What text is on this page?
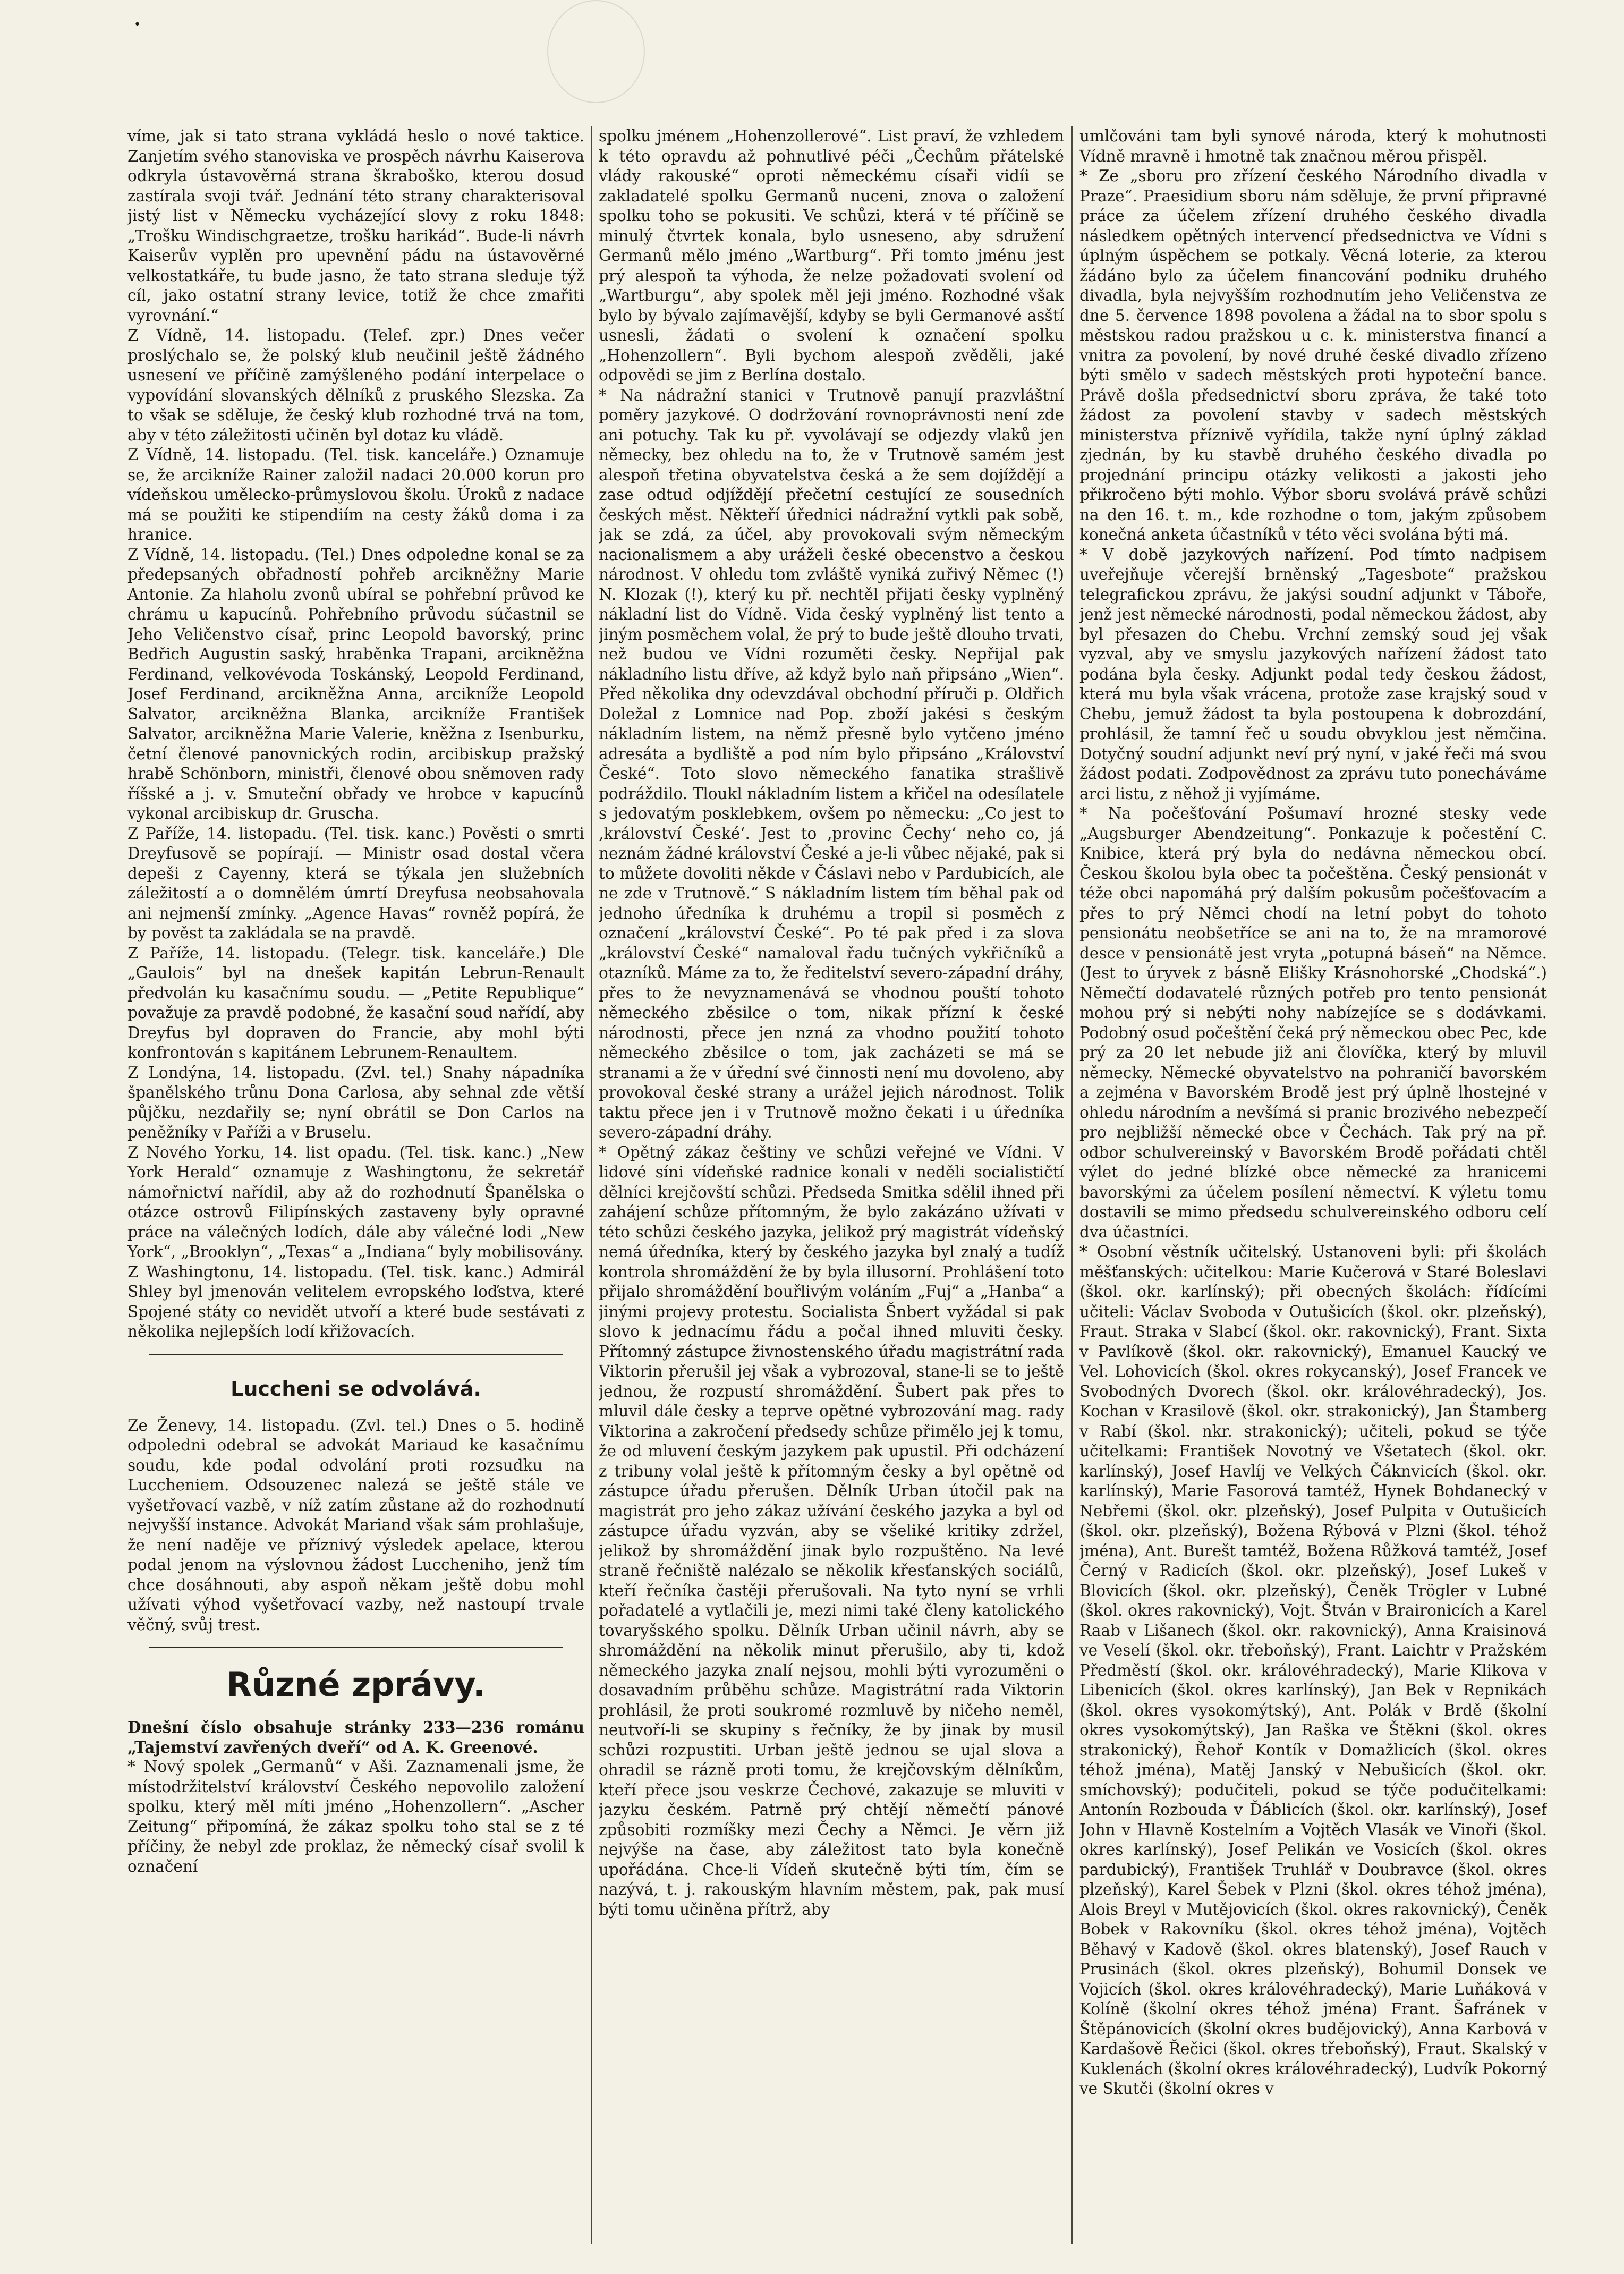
•

víme, jak si tato strana vykládá heslo o nové taktice. Zanjetím svého stanoviska ve prospěch návrhu Kaiserova odkryla ústavověrná strana škraboško, kterou dosud zastírala svoji tvář. Jednání této strany charakterisoval jistý list v Německu vycházející slovy z roku 1848: „Trošku Windischgraetze, trošku harikád“. Bude-li návrh Kaiserův vyplěn pro upevnění pádu na ústavověrné velkostatkáře, tu bude jasno, že tato strana sleduje týž cíl, jako ostatní strany levice, totiž že chce zmařiti vyrovnání.“

Z Vídně, 14. listopadu. (Telef. zpr.) Dnes večer proslýchalo se, že polský klub neučinil ještě žádného usnesení ve příčině zamýšleného podání interpelace o vypovídání slovanských dělníků z pruského Slezska. Za to však se sděluje, že český klub rozhodné trvá na tom, aby v této záležitosti učiněn byl dotaz ku vládě.

Z Vídně, 14. listopadu. (Tel. tisk. kanceláře.) Oznamuje se, že arcikníže Rainer založil nadaci 20.000 korun pro vídeňskou umělecko-průmyslovou školu. Úroků z nadace má se použiti ke stipendiím na cesty žáků doma i za hranice.

Z Vídně, 14. listopadu. (Tel.) Dnes odpoledne konal se za předepsaných obřadností pohřeb arcikněžny Marie Antonie. Za hlaholu zvonů ubíral se pohřební průvod ke chrámu u kapucínů. Pohřebního průvodu súčastnil se Jeho Veličenstvo císař, princ Leopold bavorský, princ Bedřich Augustin saský, hraběnka Trapani, arcikněžna Ferdinand, velkovévoda Toskánský, Leopold Ferdinand, Josef Ferdinand, arcikněžna Anna, arcikníže Leopold Salvator, arcikněžna Blanka, arcikníže František Salvator, arcikněžna Marie Valerie, kněžna z Isenburku, četní členové panovnických rodin, arcibiskup pražský hrabě Schönborn, ministři, členové obou sněmoven rady říšské a j. v. Smuteční obřady ve hrobce v kapucínů vykonal arcibiskup dr. Gruscha.

Z Paříže, 14. listopadu. (Tel. tisk. kanc.) Pověsti o smrti Dreyfusově se popírají. — Ministr osad dostal včera depeši z Cayenny, která se týkala jen služebních záležitostí a o domnělém úmrtí Dreyfusa neobsahovala ani nejmenší zmínky. „Agence Havas“ rovněž popírá, že by pověst ta zakládala se na pravdě.

Z Paříže, 14. listopadu. (Telegr. tisk. kanceláře.) Dle „Gaulois“ byl na dnešek kapitán Lebrun-Renault předvolán ku kasačnímu soudu. — „Petite Republique“ považuje za pravdě podobné, že kasační soud nařídí, aby Dreyfus byl dopraven do Francie, aby mohl býti konfrontován s kapitánem Lebrunem-Renaultem.

Z Londýna, 14. listopadu. (Zvl. tel.) Snahy nápadníka španělského trůnu Dona Carlosa, aby sehnal zde větší půjčku, nezdařily se; nyní obrátil se Don Carlos na peněžníky v Paříži a v Bruselu.

Z Nového Yorku, 14. list opadu. (Tel. tisk. kanc.) „New York Herald“ oznamuje z Washingtonu, že sekretář námořnictví nařídil, aby až do rozhodnutí Španělska o otázce ostrovů Filipínských zastaveny byly opravné práce na válečných lodích, dále aby válečné lodi „New York“, „Brooklyn“, „Texas“ a „Indiana“ byly mobilisovány.

Z Washingtonu, 14. listopadu. (Tel. tisk. kanc.) Admirál Shley byl jmenován velitelem evropského loďstva, které Spojené státy co nevidět utvoří a které bude sestávati z několika nejlepších lodí křižovacích.

Luccheni se odvolává.

Ze Ženevy, 14. listopadu. (Zvl. tel.) Dnes o 5. hodině odpoledni odebral se advokát Mariaud ke kasačnímu soudu, kde podal odvolání proti rozsudku na Luccheniem. Odsouzenec nalezá se ještě stále ve vyšetřovací vazbě, v níž zatím zůstane až do rozhodnutí nejvyšší instance. Advokát Mariand však sám prohlašuje, že není naděje ve příznivý výsledek apelace, kterou podal jenom na výslovnou žádost Luccheniho, jenž tím chce dosáhnouti, aby aspoň někam ještě dobu mohl užívati výhod vyšetřovací vazby, než nastoupí trvale věčný, svůj trest.

Různé zprávy.

Dnešní číslo obsahuje stránky 233—236 románu „Tajemství zavřených dveří“ od A. K. Greenové.

* Nový spolek „Germanů“ v Aši. Zaznamenali jsme, že místodržitelství království Českého nepovolilo založení spolku, který měl míti jméno „Hohenzollern“. „Ascher Zeitung“ připomíná, že zákaz spolku toho stal se z té příčiny, že nebyl zde proklaz, že německý císař svolil k označení

spolku jménem „Hohenzollerové“. List praví, že vzhledem k této opravdu až pohnutlivé péči „Čechům přátelské vlády rakouské“ oproti německému císaři vidíi se zakladatelé spolku Germanů nuceni, znova o založení spolku toho se pokusiti. Ve schůzi, která v té příčině se minulý čtvrtek konala, bylo usneseno, aby sdružení Germanů mělo jméno „Wartburg“. Při tomto jménu jest prý alespoň ta výhoda, že nelze požadovati svolení od „Wartburgu“, aby spolek měl jeji jméno. Rozhodné však bylo by bývalo zajímavější, kdyby se byli Germanové asští usnesli, žádati o svolení k označení spolku „Hohenzollern“. Byli bychom alespoň zvěděli, jaké odpovědi se jim z Berlína dostalo.

* Na nádražní stanici v Trutnově panují prazvláštní poměry jazykové. O dodržování rovnoprávnosti není zde ani potuchy. Tak ku př. vyvolávají se odjezdy vlaků jen německy, bez ohledu na to, že v Trutnově samém jest alespoň třetina obyvatelstva česká a že sem dojíždějí a zase odtud odjíždějí přečetní cestující ze sousedních českých měst. Někteří úřednici nádražní vytkli pak sobě, jak se zdá, za účel, aby provokovali svým německým nacionalismem a aby uráželi české obecenstvo a českou národnost. V ohledu tom zvláště vyniká zuřivý Němec (!) N. Klozak (!), který ku př. nechtěl přijati česky vyplněný nákladní list do Vídně. Vida český vyplněný list tento a jiným posměchem volal, že prý to bude ještě dlouho trvati, než budou ve Vídni rozuměti česky. Nepřijal pak nákladního listu dříve, až když bylo naň připsáno „Wien“. Před několika dny odevzdával obchodní příruči p. Oldřich Doležal z Lomnice nad Pop. zboží jakési s českým nákladním listem, na němž přesně bylo vytčeno jméno adresáta a bydliště a pod ním bylo připsáno „Království České“. Toto slovo německého fanatika strašlivě podráždilo. Tloukl nákladním listem a křičel na odesílatele s jedovatým posklebkem, ovšem po německu: „Co jest to ‚království České‘. Jest to ‚provinc Čechy‘ neho co, já neznám žádné království České a je-li vůbec nějaké, pak si to můžete dovoliti někde v Čáslavi nebo v Pardubicích, ale ne zde v Trutnově.“ S nákladním listem tím běhal pak od jednoho úředníka k druhému a tropil si posměch z označení „království České“. Po té pak před i za slova „království České“ namaloval řadu tučných vykřičníků a otazníků. Máme za to, že ředitelství severo-západní dráhy, přes to že nevyznamenává se vhodnou pouští tohoto německého zběsilce o tom, nikak přízní k české národnosti, přece jen nzná za vhodno použití tohoto německého zběsilce o tom, jak zacházeti se má se stranami a že v úřední své činnosti není mu dovoleno, aby provokoval české strany a urážel jejich národnost. Tolik taktu přece jen i v Trutnově možno čekati i u úředníka severo-západní dráhy.

* Opětný zákaz češtiny ve schůzi veřejné ve Vídni. V lidové síni vídeňské radnice konali v neděli socialističtí dělníci krejčovští schůzi. Předseda Smitka sdělil ihned při zahájení schůze přítomným, že bylo zakázáno užívati v této schůzi českého jazyka, jelikož prý magistrát vídeňský nemá úředníka, který by českého jazyka byl znalý a tudíž kontrola shromáždění že by byla illusorní. Prohlášení toto přijalo shromáždění bouřlivým voláním „Fuj“ a „Hanba“ a jinými projevy protestu. Socialista Šnbert vyžádal si pak slovo k jednacímu řádu a počal ihned mluviti česky. Přítomný zástupce živnostenského úřadu magistrátní rada Viktorin přerušil jej však a vybrozoval, stane-li se to ještě jednou, že rozpustí shromáždění. Šubert pak přes to mluvil dále česky a teprve opětné vybrozování mag. rady Viktorina a zakročení předsedy schůze přimělo jej k tomu, že od mluvení českým jazykem pak upustil. Při odcházení z tribuny volal ještě k přítomným česky a byl opětně od zástupce úřadu přerušen. Dělník Urban útočil pak na magistrát pro jeho zákaz užívání českého jazyka a byl od zástupce úřadu vyzván, aby se všeliké kritiky zdržel, jelikož by shromáždění jinak bylo rozpuštěno. Na levé straně řečniště nalézalo se několik křesťanských sociálů, kteří řečníka častěji přerušovali. Na tyto nyní se vrhli pořadatelé a vytlačili je, mezi nimi také členy katolického tovaryšského spolku. Dělník Urban učinil návrh, aby se shromáždění na několik minut přerušilo, aby ti, kdož německého jazyka znalí nejsou, mohli býti vyrozuměni o dosavadním průběhu schůze. Magistrátní rada Viktorin prohlásil, že proti soukromé rozmluvě by ničeho neměl, neutvoří-li se skupiny s řečníky, že by jinak by musil schůzi rozpustiti. Urban ještě jednou se ujal slova a ohradil se rázně proti tomu, že krejčovským dělníkům, kteří přece jsou veskrze Čechové, zakazuje se mluviti v jazyku českém. Patrně prý chtějí němečtí pánové způsobiti rozmíšky mezi Čechy a Němci. Je věrn již nejvýše na čase, aby záležitost tato byla konečně upořádána. Chce-li Vídeň skutečně býti tím, čím se nazývá, t. j. rakouským hlavním městem, pak, pak musí býti tomu učiněna přítrž, aby

umlčováni tam byli synové národa, který k mohutnosti Vídně mravně i hmotně tak značnou měrou přispěl.

* Ze „sboru pro zřízení českého Národního divadla v Praze“. Praesidium sboru nám sděluje, že první připravné práce za účelem zřízení druhého českého divadla následkem opětných intervencí předsednictva ve Vídni s úplným úspěchem se potkaly. Věcná loterie, za kterou žádáno bylo za účelem financování podniku druhého divadla, byla nejvyšším rozhodnutím jeho Veličenstva ze dne 5. července 1898 povolena a žádal na to sbor spolu s městskou radou pražskou u c. k. ministerstva financí a vnitra za povolení, by nové druhé české divadlo zřízeno býti smělo v sadech městských proti hypoteční bance. Právě došla předsednictví sboru zpráva, že také toto žádost za povolení stavby v sadech městských ministerstva příznivě vyřídila, takže nyní úplný základ zjednán, by ku stavbě druhého českého divadla po projednání principu otázky velikosti a jakosti jeho přikročeno býti mohlo. Výbor sboru svolává právě schůzi na den 16. t. m., kde rozhodne o tom, jakým způsobem konečná anketa účastníků v této věci svolána býti má.

* V době jazykových nařízení. Pod tímto nadpisem uveřejňuje včerejší brněnský „Tagesbote“ pražskou telegrafickou zprávu, že jakýsi soudní adjunkt v Táboře, jenž jest německé národnosti, podal německou žádost, aby byl přesazen do Chebu. Vrchní zemský soud jej však vyzval, aby ve smyslu jazykových nařízení žádost tato podána byla česky. Adjunkt podal tedy českou žádost, která mu byla však vrácena, protože zase krajský soud v Chebu, jemuž žádost ta byla postoupena k dobrozdání, prohlásil, že tamní řeč u soudu obvyklou jest němčina. Dotyčný soudní adjunkt neví prý nyní, v jaké řeči má svou žádost podati. Zodpovědnost za zprávu tuto ponecháváme arci listu, z něhož ji vyjímáme.

* Na počešťování Pošumaví hrozné stesky vede „Augsburger Abendzeitung“. Ponkazuje k počestění C. Knibice, která prý byla do nedávna německou obcí. Českou školou byla obec ta počeštěna. Český pensionát v téže obci napomáhá prý dalším pokusům počešťovacím a přes to prý Němci chodí na letní pobyt do tohoto pensionátu neobšetříce se ani na to, že na mramorové desce v pensionátě jest vryta „potupná báseň“ na Němce. (Jest to úryvek z básně Elišky Krásnohorské „Chodská“.) Němečtí dodavatelé různých potřeb pro tento pensionát mohou prý si nebýti nohy nabízejíce se s dodávkami. Podobný osud počeštění čeká prý německou obec Pec, kde prý za 20 let nebude již ani človíčka, který by mluvil německy. Německé obyvatelstvo na pohraničí bavorském a zejména v Bavorském Brodě jest prý úplně lhostejné v ohledu národním a nevšímá si pranic brozivého nebezpečí pro nejbližší německé obce v Čechách. Tak prý na př. odbor schulvereinský v Bavorském Brodě pořádati chtěl výlet do jedné blízké obce německé za hranicemi bavorskými za účelem posílení němectví. K výletu tomu dostavili se mimo předsedu schulvereinského odboru celí dva účastníci.

* Osobní věstník učitelský. Ustanoveni byli: při školách měšťanských: učitelkou: Marie Kučerová v Staré Boleslavi (škol. okr. karlínský); při obecných školách: řídícími učiteli: Václav Svoboda v Outušicích (škol. okr. plzeňský), Fraut. Straka v Slabcí (škol. okr. rakovnický), Frant. Sixta v Pavlíkově (škol. okr. rakovnický), Emanuel Kaucký ve Vel. Lohovicích (škol. okres rokycanský), Josef Francek ve Svobodných Dvorech (škol. okr. královéhradecký), Jos. Kochan v Krasilově (škol. okr. strakonický), Jan Štamberg v Rabí (škol. nkr. strakonický); učiteli, pokud se týče učitelkami: František Novotný ve Všetatech (škol. okr. karlínský), Josef Havlíj ve Velkých Čáknvicích (škol. okr. karlínský), Marie Fasorová tamtéž, Hynek Bohdanecký v Nebřemi (škol. okr. plzeňský), Josef Pulpita v Outušicích (škol. okr. plzeňský), Božena Rýbová v Plzni (škol. téhož jména), Ant. Burešt tamtéž, Božena Růžková tamtéž, Josef Černý v Radicích (škol. okr. plzeňský), Josef Lukeš v Blovicích (škol. okr. plzeňský), Čeněk Trögler v Lubné (škol. okres rakovnický), Vojt. Štván v Braironicích a Karel Raab v Lišanech (škol. okr. rakovnický), Anna Kraisinová ve Veselí (škol. okr. třeboňský), Frant. Laichtr v Pražském Předměstí (škol. okr. královéhradecký), Marie Klikova v Libenicích (škol. okres karlínský), Jan Bek v Repnikách (škol. okres vysokomýtský), Ant. Polák v Brdě (školní okres vysokomýtský), Jan Raška ve Štěkni (škol. okres strakonický), Řehoř Kontík v Domažlicích (škol. okres téhož jména), Matěj Janský v Nebušicích (škol. okr. smíchovský); podučiteli, pokud se týče podučitelkami: Antonín Rozbouda v Ďáblicích (škol. okr. karlínský), Josef John v Hlavně Kostelním a Vojtěch Vlasák ve Vinoři (škol. okres karlínský), Josef Pelikán ve Vosicích (škol. okres pardubický), František Truhlář v Doubravce (škol. okres plzeňský), Karel Šebek v Plzni (škol. okres téhož jména), Alois Breyl v Mutějovicích (škol. okres rakovnický), Čeněk Bobek v Rakovníku (škol. okres téhož jména), Vojtěch Běhavý v Kadově (škol. okres blatenský), Josef Rauch v Prusinách (škol. okres plzeňský), Bohumil Donsek ve Vojicích (škol. okres královéhradecký), Marie Luňáková v Kolíně (školní okres téhož jména) Frant. Šafránek v Štěpánovicích (školní okres budějovický), Anna Karbová v Kardašově Řečici (škol. okres třeboňský), Fraut. Skalský v Kuklenách (školní okres královéhradecký), Ludvík Pokorný ve Skutči (školní okres v
